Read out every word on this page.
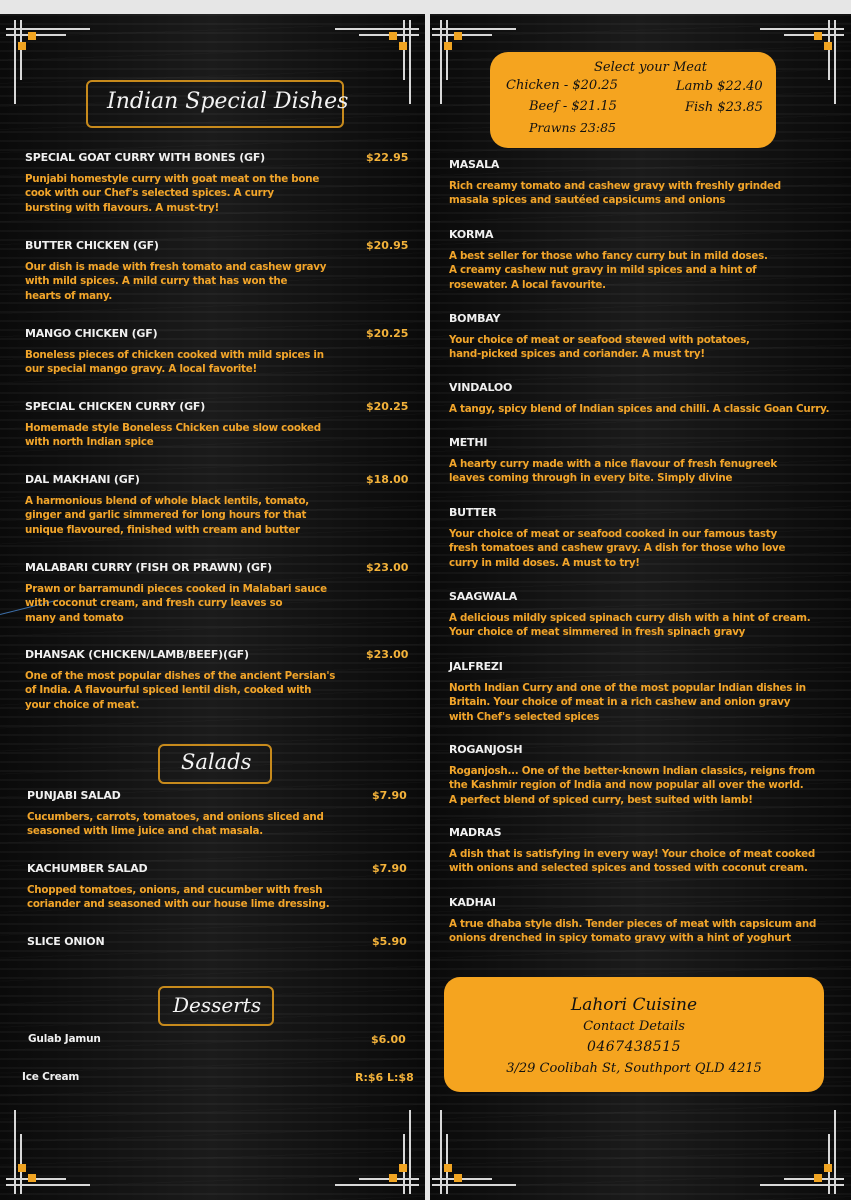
Indian Special Dishes
SPECIAL GOAT CURRY WITH BONES (GF)	$22.95
Punjabi homestyle curry with goat meat on the bone
cook with our Chef's selected spices. A curry
bursting with flavours. A must-try!
BUTTER CHICKEN (GF)	$20.95
Our dish is made with fresh tomato and cashew gravy
with mild spices. A mild curry that has won the
hearts of many.
MANGO CHICKEN (GF)	$20.25
Boneless pieces of chicken cooked with mild spices in
our special mango gravy. A local favorite!
SPECIAL CHICKEN CURRY (GF)	$20.25
Homemade style Boneless Chicken cube slow cooked
with north Indian spice
DAL MAKHANI (GF)	$18.00
A harmonious blend of whole black lentils, tomato,
ginger and garlic simmered for long hours for that
unique flavoured, finished with cream and butter
MALABARI CURRY (FISH OR PRAWN) (GF)	$23.00
Prawn or barramundi pieces cooked in Malabari sauce
with coconut cream, and fresh curry leaves so
many and tomato
DHANSAK (CHICKEN/LAMB/BEEF)(GF)	$23.00
One of the most popular dishes of the ancient Persian's
of India. A flavourful spiced lentil dish, cooked with
your choice of meat.
Salads
Desserts
PUNJABI SALAD	$7.90
Cucumbers, carrots, tomatoes, and onions sliced and
seasoned with lime juice and chat masala.
KACHUMBER SALAD	$7.90
Chopped tomatoes, onions, and cucumber with fresh
coriander and seasoned with our house lime dressing.
SLICE ONION	$5.90
Gulab Jamun	$6.00
Ice Cream	R:$6 L:$8
Select your Meat
Chicken - $20.25	Lamb $22.40
Beef - $21.15	Fish $23.85
Prawns 23:85
MASALA
Rich creamy tomato and cashew gravy with freshly grinded
masala spices and sautéed capsicums and onions
KORMA
A best seller for those who fancy curry but in mild doses.
A creamy cashew nut gravy in mild spices and a hint of
rosewater. A local favourite.
BOMBAY
Your choice of meat or seafood stewed with potatoes,
hand-picked spices and coriander. A must try!
VINDALOO
A tangy, spicy blend of Indian spices and chilli. A classic Goan Curry.
METHI
A hearty curry made with a nice flavour of fresh fenugreek
leaves coming through in every bite. Simply divine
BUTTER
Your choice of meat or seafood cooked in our famous tasty
fresh tomatoes and cashew gravy. A dish for those who love
curry in mild doses. A must to try!
SAAGWALA
A delicious mildly spiced spinach curry dish with a hint of cream.
Your choice of meat simmered in fresh spinach gravy
JALFREZI
North Indian Curry and one of the most popular Indian dishes in
Britain. Your choice of meat in a rich cashew and onion gravy
with Chef's selected spices
ROGANJOSH
Roganjosh... One of the better-known Indian classics, reigns from
the Kashmir region of India and now popular all over the world.
A perfect blend of spiced curry, best suited with lamb!
MADRAS
A dish that is satisfying in every way! Your choice of meat cooked
with onions and selected spices and tossed with coconut cream.
KADHAI
A true dhaba style dish. Tender pieces of meat with capsicum and
onions drenched in spicy tomato gravy with a hint of yoghurt
Lahori Cuisine
Contact Details
0467438515
3/29 Coolibah St, Southport QLD 4215
